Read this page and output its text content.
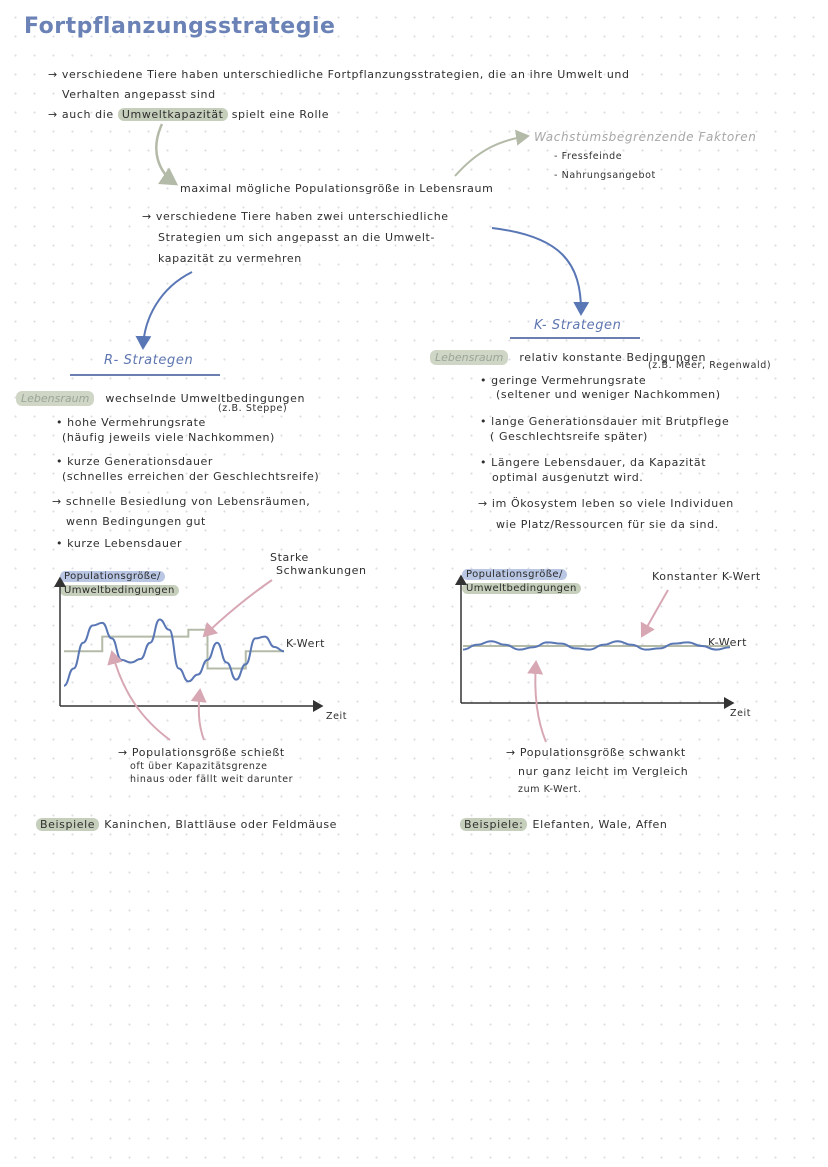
Fortpflanzungsstrategie
→ verschiedene Tiere haben unterschiedliche Fortpflanzungsstrategien, die an ihre Umwelt und
Verhalten angepasst sind
→ auch die Umweltkapazität spielt eine Rolle
maximal mögliche Populationsgröße in Lebensraum
Wachstumsbegrenzende Faktoren
- Fressfeinde
- Nahrungsangebot
→ verschiedene Tiere haben zwei unterschiedliche
Strategien um sich angepasst an die Umwelt-
kapazität zu vermehren
R- Strategen
Lebensraum wechselnde Umweltbedingungen
(z.B. Steppe)
• hohe Vermehrungsrate
(häufig jeweils viele Nachkommen)
• kurze Generationsdauer
(schnelles erreichen der Geschlechtsreife)
→ schnelle Besiedlung von Lebensräumen,
wenn Bedingungen gut
• kurze Lebensdauer
K- Strategen
Lebensraum relativ konstante Bedingungen
(z.B. Meer, Regenwald)
• geringe Vermehrungsrate
(seltener und weniger Nachkommen)
• lange Generationsdauer mit Brutpflege
( Geschlechtsreife später)
• Längere Lebensdauer, da Kapazität
optimal ausgenutzt wird.
→ im Ökosystem leben so viele Individuen
wie Platz/Ressourcen für sie da sind.
Populationsgröße/
Umweltbedingungen
Zeit
K-Wert
Starke
Schwankungen	Populationsgröße/
Umweltbedingungen
Zeit
K-Wert
Konstanter K-Wert
→ Populationsgröße schießt
oft über Kapazitätsgrenze
hinaus oder fällt weit darunter
→ Populationsgröße schwankt
nur ganz leicht im Vergleich
zum K-Wert.
Beispiele Kaninchen, Blattläuse oder Feldmäuse	Beispiele: Elefanten, Wale, Affen
